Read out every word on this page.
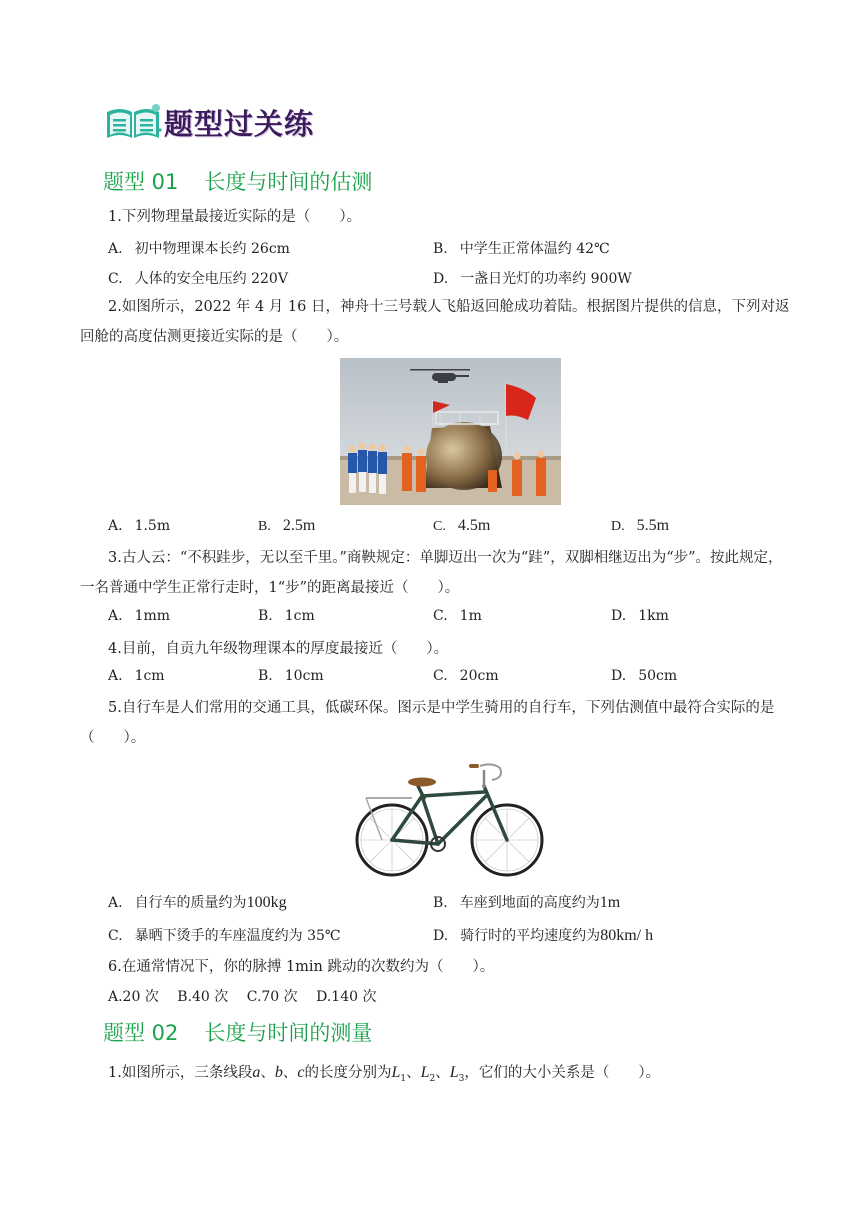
题型过关练
题型 01 长度与时间的估测
1.下列物理量最接近实际的是（　　）。
A. 初中物理课本长约 26cm	B. 中学生正常体温约 42℃
C. 人体的安全电压约 220V	D. 一盏日光灯的功率约 900W
2.如图所示，2022 年 4 月 16 日，神舟十三号载人飞船返回舱成功着陆。根据图片提供的信息，下列对返回舱的高度估测更接近实际的是（　　）。
A. 1.5m	B. 2.5m	C. 4.5m	D. 5.5m
3.古人云：“不积跬步，无以至千里。”商鞅规定：单脚迈出一次为“跬”，双脚相继迈出为“步”。按此规定，一名普通中学生正常行走时，1“步”的距离最接近（　　）。
A. 1mm	B. 1cm	C. 1m	D. 1km
4.目前，自贡九年级物理课本的厚度最接近（　　）。
A. 1cm	B. 10cm	C. 20cm	D. 50cm
5.自行车是人们常用的交通工具，低碳环保。图示是中学生骑用的自行车，下列估测值中最符合实际的是（　　）。
A. 自行车的质量约为100kg	B. 车座到地面的高度约为1m
C. 暴晒下烫手的车座温度约为 35℃	D. 骑行时的平均速度约为80km/ h
6.在通常情况下，你的脉搏 1min 跳动的次数约为（　　）。
A.20 次　 B.40 次　 C.70 次　 D.140 次
题型 02 长度与时间的测量
1.如图所示，三条线段a、b、c的长度分别为$L_1$、$L_2$、$L_3$，它们的大小关系是（　　）。
